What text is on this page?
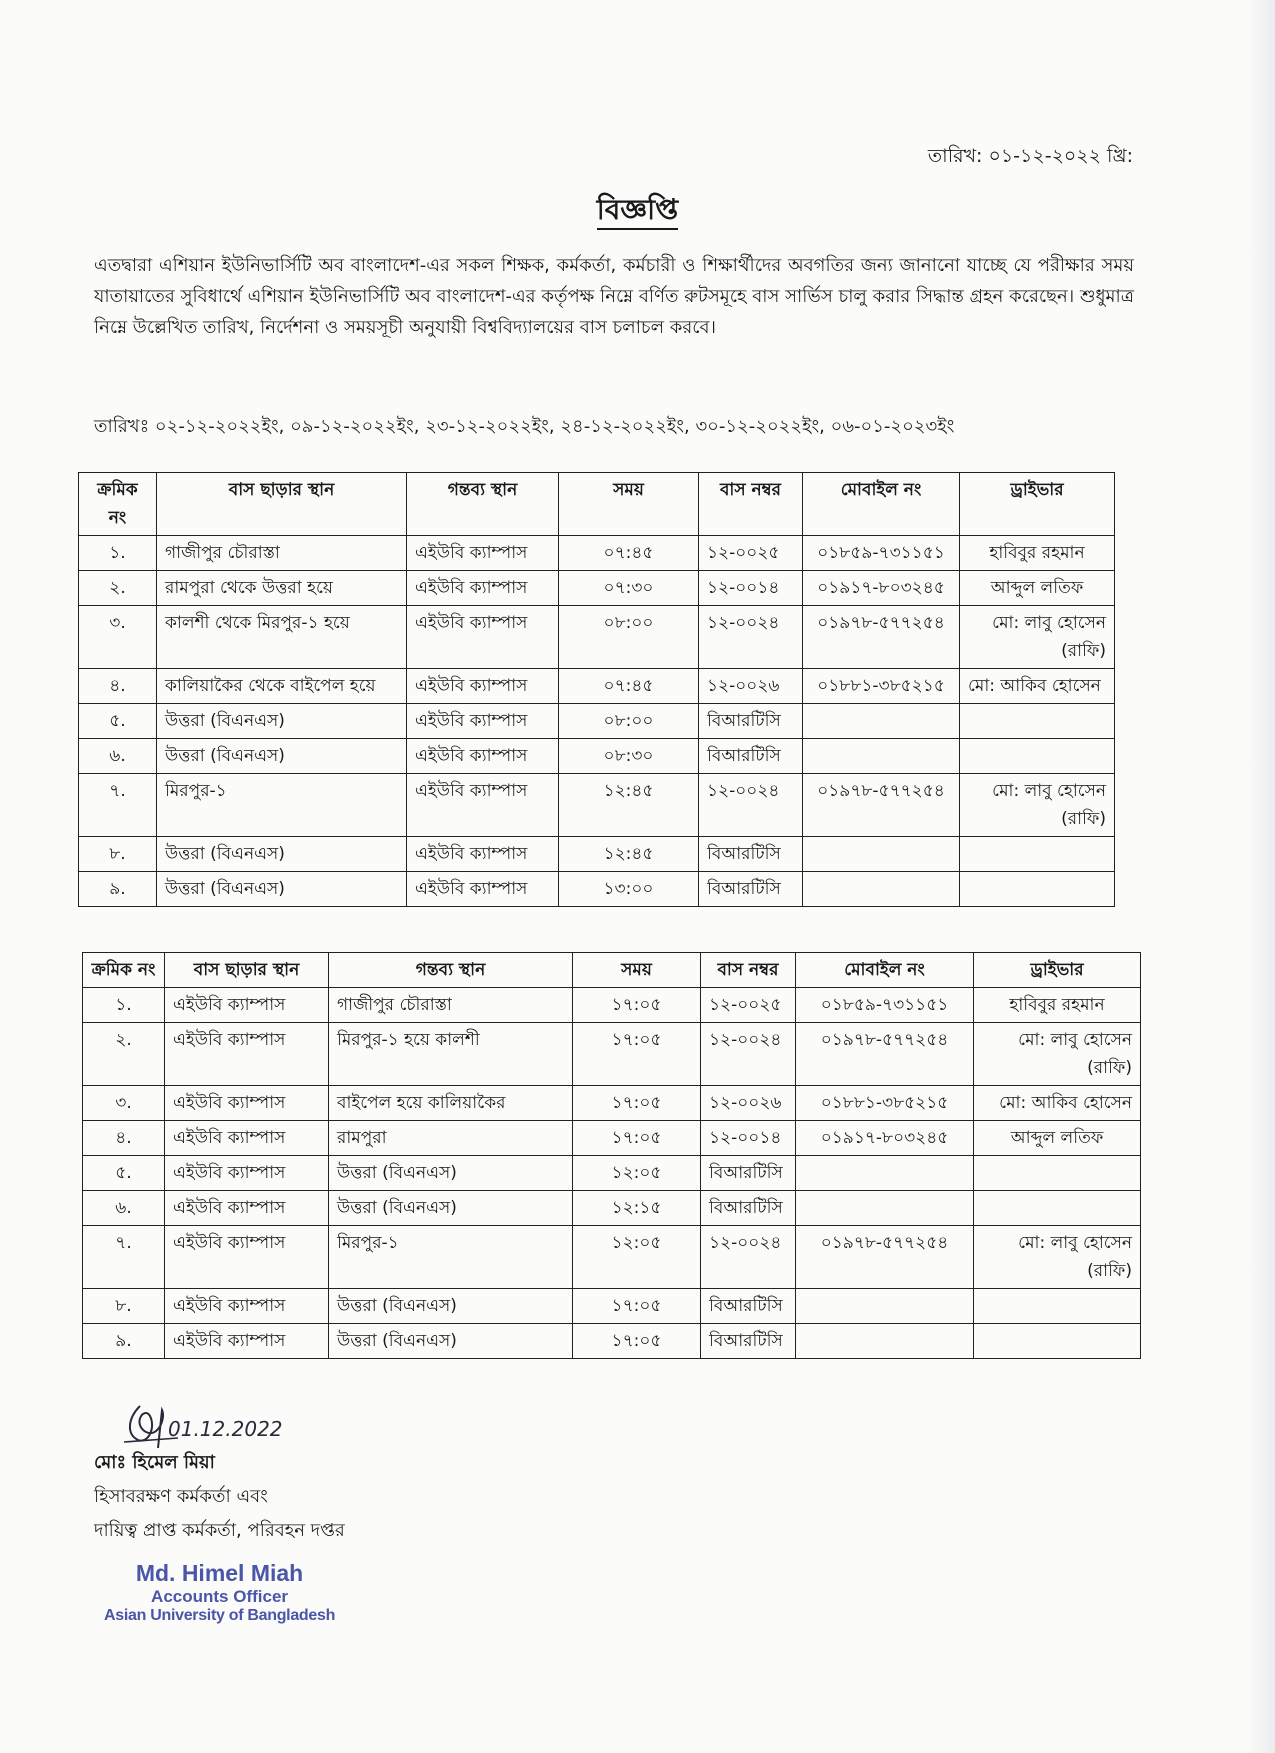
তারিখ: ০১-১২-২০২২ খ্রি:
বিজ্ঞপ্তি
এতদ্বারা এশিয়ান ইউনিভার্সিটি অব বাংলাদেশ-এর সকল শিক্ষক, কর্মকর্তা, কর্মচারী ও শিক্ষার্থীদের অবগতির জন্য জানানো যাচ্ছে যে পরীক্ষার সময় যাতায়াতের সুবিধার্থে এশিয়ান ইউনিভার্সিটি অব বাংলাদেশ-এর কর্তৃপক্ষ নিম্নে বর্ণিত রুটসমূহে বাস সার্ভিস চালু করার সিদ্ধান্ত গ্রহন করেছেন। শুধুমাত্র নিম্নে উল্লেখিত তারিখ, নির্দেশনা ও সময়সূচী অনুযায়ী বিশ্ববিদ্যালয়ের বাস চলাচল করবে।
তারিখঃ ০২-১২-২০২২ইং, ০৯-১২-২০২২ইং, ২৩-১২-২০২২ইং, ২৪-১২-২০২২ইং, ৩০-১২-২০২২ইং, ০৬-০১-২০২৩ইং
ক্রমিক নং	বাস ছাড়ার স্থান	গন্তব্য স্থান	সময়	বাস নম্বর	মোবাইল নং	ড্রাইভার
১.	গাজীপুর চৌরাস্তা	এইউবি ক্যাম্পাস	০৭:৪৫	১২-০০২৫	০১৮৫৯-৭৩১১৫১	হাবিবুর রহমান
২.	রামপুরা থেকে উত্তরা হয়ে	এইউবি ক্যাম্পাস	০৭:৩০	১২-০০১৪	০১৯১৭-৮০৩২৪৫	আব্দুল লতিফ
৩.	কালশী থেকে মিরপুর-১ হয়ে	এইউবি ক্যাম্পাস	০৮:০০	১২-০০২৪	০১৯৭৮-৫৭৭২৫৪	মো: লাবু হোসেন (রাফি)
৪.	কালিয়াকৈর থেকে বাইপেল হয়ে	এইউবি ক্যাম্পাস	০৭:৪৫	১২-০০২৬	০১৮৮১-৩৮৫২১৫	মো: আকিব হোসেন
৫.	উত্তরা (বিএনএস)	এইউবি ক্যাম্পাস	০৮:০০	বিআরটিসি		
৬.	উত্তরা (বিএনএস)	এইউবি ক্যাম্পাস	০৮:৩০	বিআরটিসি		
৭.	মিরপুর-১	এইউবি ক্যাম্পাস	১২:৪৫	১২-০০২৪	০১৯৭৮-৫৭৭২৫৪	মো: লাবু হোসেন (রাফি)
৮.	উত্তরা (বিএনএস)	এইউবি ক্যাম্পাস	১২:৪৫	বিআরটিসি		
৯.	উত্তরা (বিএনএস)	এইউবি ক্যাম্পাস	১৩:০০	বিআরটিসি		
ক্রমিক নং	বাস ছাড়ার স্থান	গন্তব্য স্থান	সময়	বাস নম্বর	মোবাইল নং	ড্রাইভার
১.	এইউবি ক্যাম্পাস	গাজীপুর চৌরাস্তা	১৭:০৫	১২-০০২৫	০১৮৫৯-৭৩১১৫১	হাবিবুর রহমান
২.	এইউবি ক্যাম্পাস	মিরপুর-১ হয়ে কালশী	১৭:০৫	১২-০০২৪	০১৯৭৮-৫৭৭২৫৪	মো: লাবু হোসেন (রাফি)
৩.	এইউবি ক্যাম্পাস	বাইপেল হয়ে কালিয়াকৈর	১৭:০৫	১২-০০২৬	০১৮৮১-৩৮৫২১৫	মো: আকিব হোসেন
৪.	এইউবি ক্যাম্পাস	রামপুরা	১৭:০৫	১২-০০১৪	০১৯১৭-৮০৩২৪৫	আব্দুল লতিফ
৫.	এইউবি ক্যাম্পাস	উত্তরা (বিএনএস)	১২:০৫	বিআরটিসি		
৬.	এইউবি ক্যাম্পাস	উত্তরা (বিএনএস)	১২:১৫	বিআরটিসি		
৭.	এইউবি ক্যাম্পাস	মিরপুর-১	১২:০৫	১২-০০২৪	০১৯৭৮-৫৭৭২৫৪	মো: লাবু হোসেন (রাফি)
৮.	এইউবি ক্যাম্পাস	উত্তরা (বিএনএস)	১৭:০৫	বিআরটিসি		
৯.	এইউবি ক্যাম্পাস	উত্তরা (বিএনএস)	১৭:০৫	বিআরটিসি		
01.12.2022
মোঃ হিমেল মিয়া
হিসাবরক্ষণ কর্মকর্তা এবং
দায়িত্ব প্রাপ্ত কর্মকর্তা, পরিবহন দপ্তর
Md. Himel Miah
Accounts Officer
Asian University of Bangladesh
